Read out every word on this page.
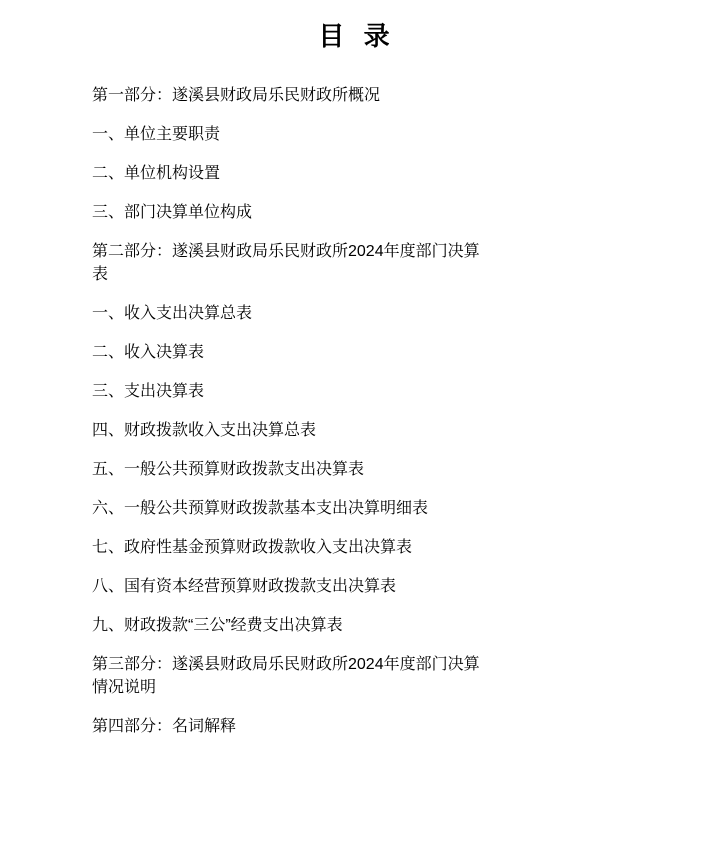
目 录

第一部分：遂溪县财政局乐民财政所概况

一、单位主要职责

二、单位机构设置

三、部门决算单位构成

第二部分：遂溪县财政局乐民财政所2024年度部门决算
表

一、收入支出决算总表

二、收入决算表

三、支出决算表

四、财政拨款收入支出决算总表

五、一般公共预算财政拨款支出决算表

六、一般公共预算财政拨款基本支出决算明细表

七、政府性基金预算财政拨款收入支出决算表

八、国有资本经营预算财政拨款支出决算表

九、财政拨款“三公”经费支出决算表

第三部分：遂溪县财政局乐民财政所2024年度部门决算
情况说明

第四部分：名词解释
